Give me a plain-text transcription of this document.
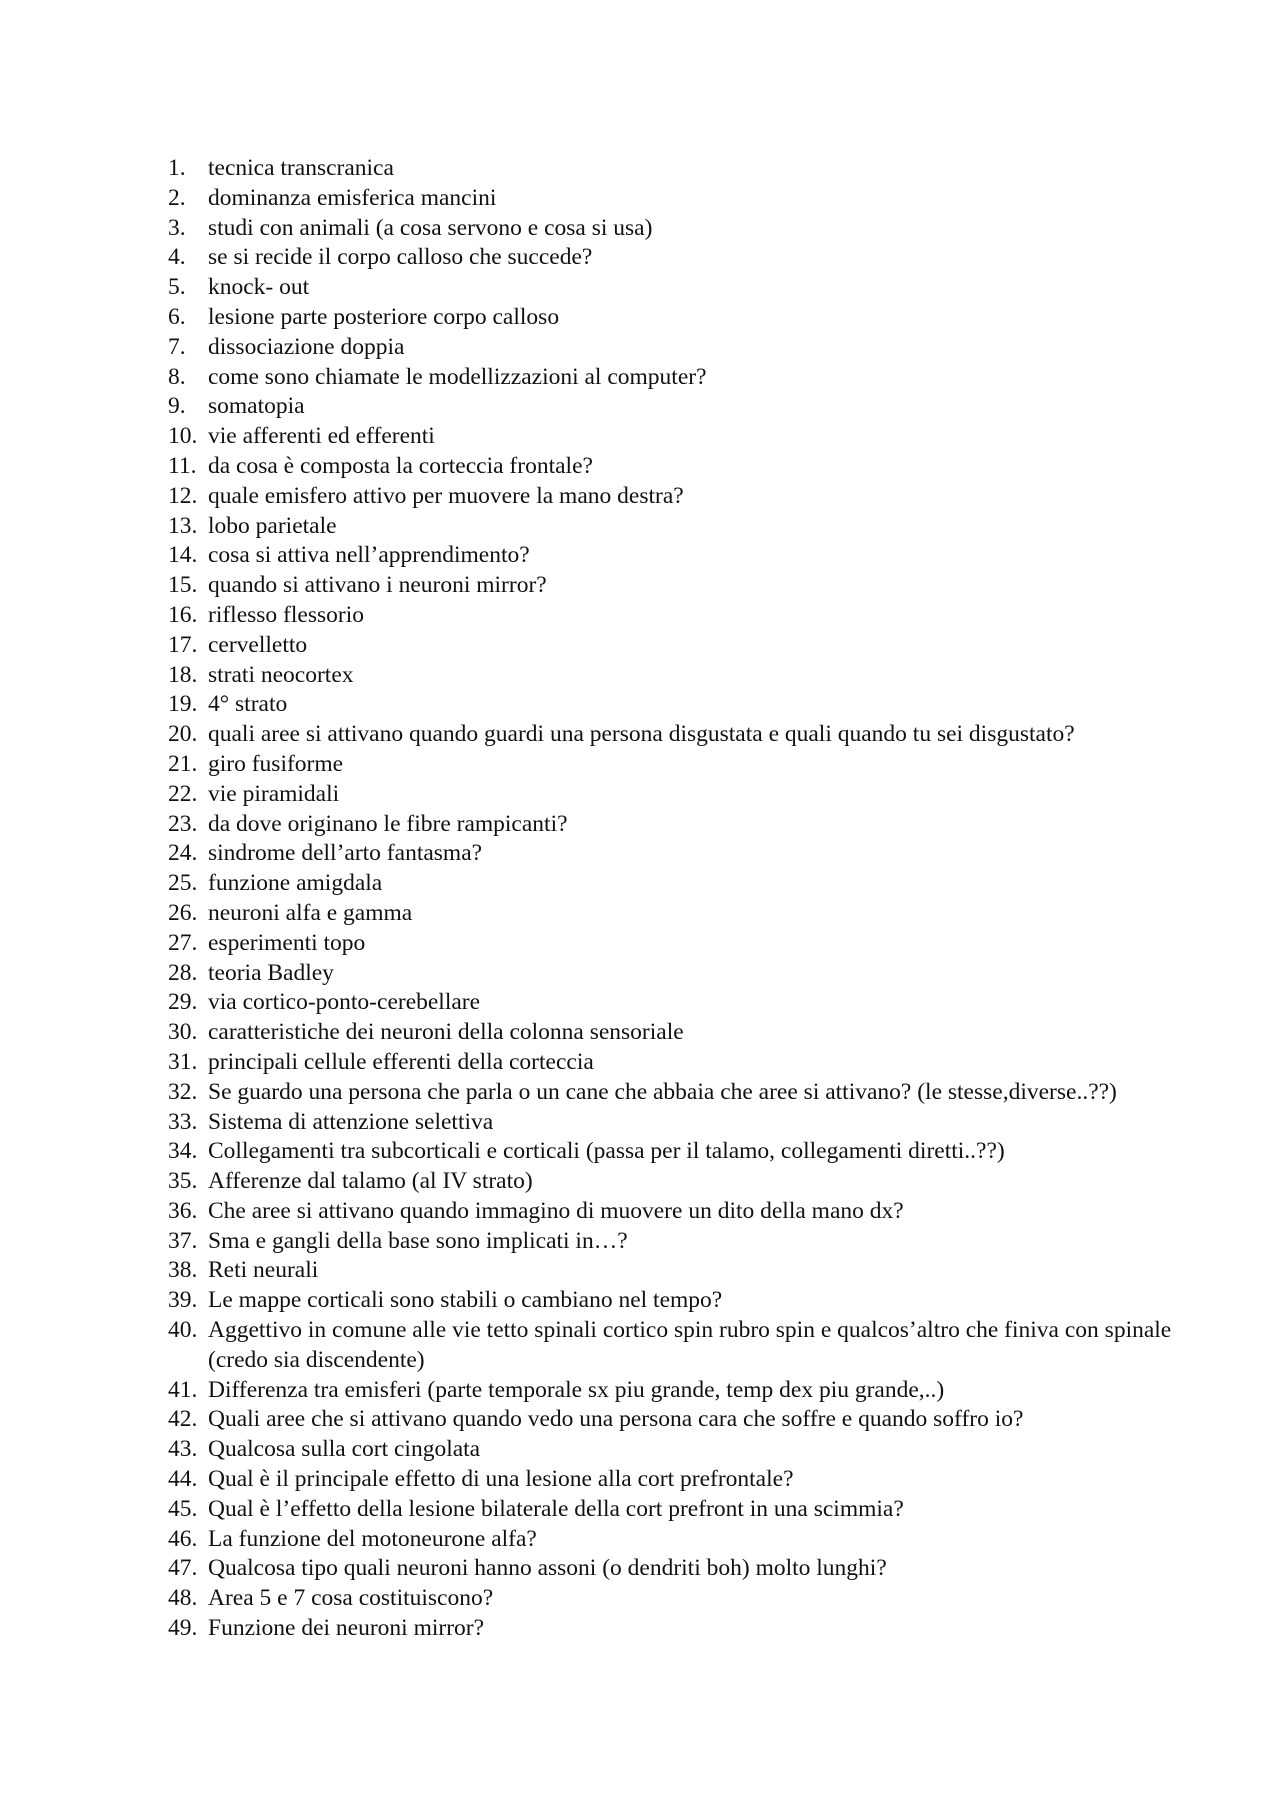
1. tecnica transcranica
2. dominanza emisferica mancini
3. studi con animali (a cosa servono e cosa si usa)
4. se si recide il corpo calloso che succede?
5. knock- out
6. lesione parte posteriore corpo calloso
7. dissociazione doppia
8. come sono chiamate le modellizzazioni al computer?
9. somatopia
10. vie afferenti ed efferenti
11. da cosa è composta la corteccia frontale?
12. quale emisfero attivo per muovere la mano destra?
13. lobo parietale
14. cosa si attiva nell’apprendimento?
15. quando si attivano i neuroni mirror?
16. riflesso flessorio
17. cervelletto
18. strati neocortex
19. 4° strato
20. quali aree si attivano quando guardi una persona disgustata e quali quando tu sei disgustato?
21. giro fusiforme
22. vie piramidali
23. da dove originano le fibre rampicanti?
24. sindrome dell’arto fantasma?
25. funzione amigdala
26. neuroni alfa e gamma
27. esperimenti topo
28. teoria Badley
29. via cortico-ponto-cerebellare
30. caratteristiche dei neuroni della colonna sensoriale
31. principali cellule efferenti della corteccia
32. Se guardo una persona che parla o un cane che abbaia che aree si attivano? (le stesse,diverse..??)
33. Sistema di attenzione selettiva
34. Collegamenti tra subcorticali e corticali (passa per il talamo, collegamenti diretti..??)
35. Afferenze dal talamo (al IV strato)
36. Che aree si attivano quando immagino di muovere un dito della mano dx?
37. Sma e gangli della base sono implicati in…?
38. Reti neurali
39. Le mappe corticali sono stabili o cambiano nel tempo?
40. Aggettivo in comune alle vie tetto spinali cortico spin rubro spin e qualcos’altro che finiva con spinale (credo sia discendente)
41. Differenza tra emisferi (parte temporale sx piu grande, temp dex piu grande,..)
42. Quali aree che si attivano quando vedo una persona cara che soffre e quando soffro io?
43. Qualcosa sulla cort cingolata
44. Qual è il principale effetto di una lesione alla cort prefrontale?
45. Qual è l’effetto della lesione bilaterale della cort prefront in una scimmia?
46. La funzione del motoneurone alfa?
47. Qualcosa tipo quali neuroni hanno assoni (o dendriti boh) molto lunghi?
48. Area 5 e 7 cosa costituiscono?
49. Funzione dei neuroni mirror?
